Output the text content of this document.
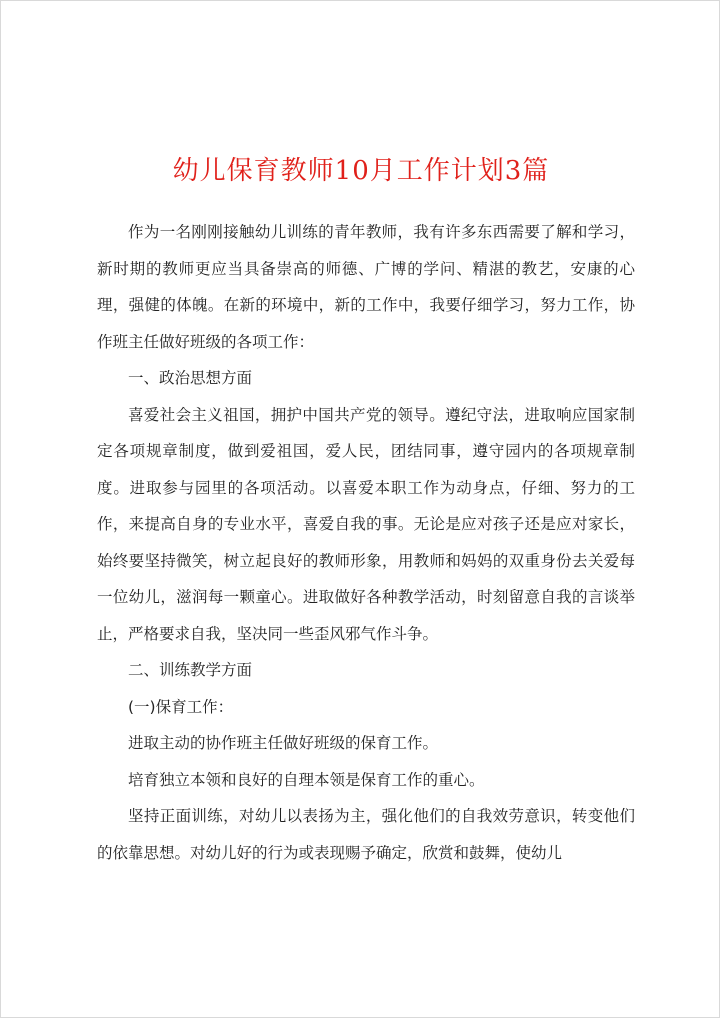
幼儿保育教师10月工作计划3篇

作为一名刚刚接触幼儿训练的青年教师，我有许多东西需要了解和学习，新时期的教师更应当具备崇高的师德、广博的学问、精湛的教艺，安康的心理，强健的体魄。在新的环境中，新的工作中，我要仔细学习，努力工作，协作班主任做好班级的各项工作：

一、政治思想方面

喜爱社会主义祖国，拥护中国共产党的领导。遵纪守法，进取响应国家制定各项规章制度，做到爱祖国，爱人民，团结同事，遵守园内的各项规章制度。进取参与园里的各项活动。以喜爱本职工作为动身点，仔细、努力的工作，来提高自身的专业水平，喜爱自我的事。无论是应对孩子还是应对家长，始终要坚持微笑，树立起良好的教师形象，用教师和妈妈的双重身份去关爱每一位幼儿，滋润每一颗童心。进取做好各种教学活动，时刻留意自我的言谈举止，严格要求自我，坚决同一些歪风邪气作斗争。

二、训练教学方面

(一)保育工作：

进取主动的协作班主任做好班级的保育工作。

培育独立本领和良好的自理本领是保育工作的重心。

坚持正面训练，对幼儿以表扬为主，强化他们的自我效劳意识，转变他们的依靠思想。对幼儿好的行为或表现赐予确定，欣赏和鼓舞，使幼儿
